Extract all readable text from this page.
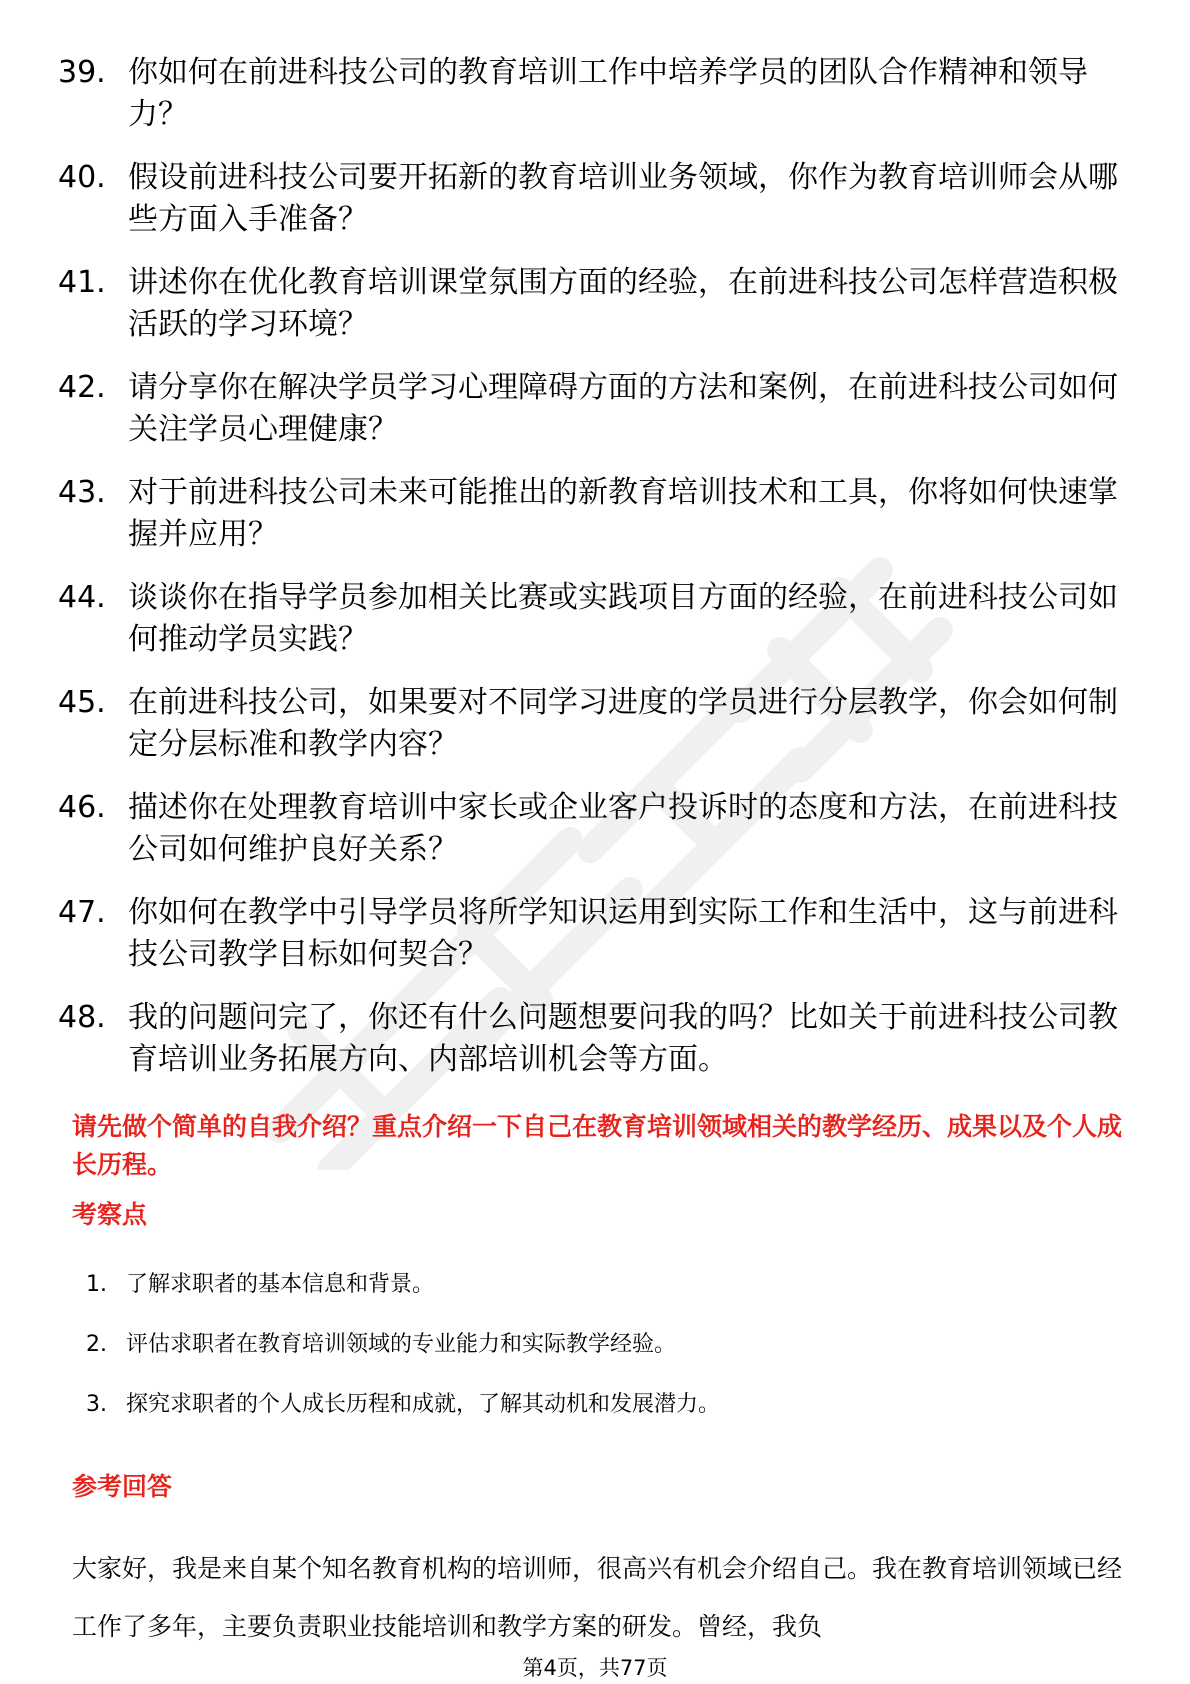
39. 你如何在前进科技公司的教育培训工作中培养学员的团队合作精神和领导力？
40. 假设前进科技公司要开拓新的教育培训业务领域，你作为教育培训师会从哪些方面入手准备？
41. 讲述你在优化教育培训课堂氛围方面的经验，在前进科技公司怎样营造积极活跃的学习环境？
42. 请分享你在解决学员学习心理障碍方面的方法和案例，在前进科技公司如何关注学员心理健康？
43. 对于前进科技公司未来可能推出的新教育培训技术和工具，你将如何快速掌握并应用？
44. 谈谈你在指导学员参加相关比赛或实践项目方面的经验，在前进科技公司如何推动学员实践？
45. 在前进科技公司，如果要对不同学习进度的学员进行分层教学，你会如何制定分层标准和教学内容？
46. 描述你在处理教育培训中家长或企业客户投诉时的态度和方法，在前进科技公司如何维护良好关系？
47. 你如何在教学中引导学员将所学知识运用到实际工作和生活中，这与前进科技公司教学目标如何契合？
48. 我的问题问完了，你还有什么问题想要问我的吗？比如关于前进科技公司教育培训业务拓展方向、内部培训机会等方面。

请先做个简单的自我介绍？重点介绍一下自己在教育培训领域相关的教学经历、成果以及个人成长历程。

考察点
1. 了解求职者的基本信息和背景。
2. 评估求职者在教育培训领域的专业能力和实际教学经验。
3. 探究求职者的个人成长历程和成就，了解其动机和发展潜力。
参考回答

大家好，我是来自某个知名教育机构的培训师，很高兴有机会介绍自己。我在教育培训领域已经工作了多年，主要负责职业技能培训和教学方案的研发。曾经，我负

第4页，共77页
